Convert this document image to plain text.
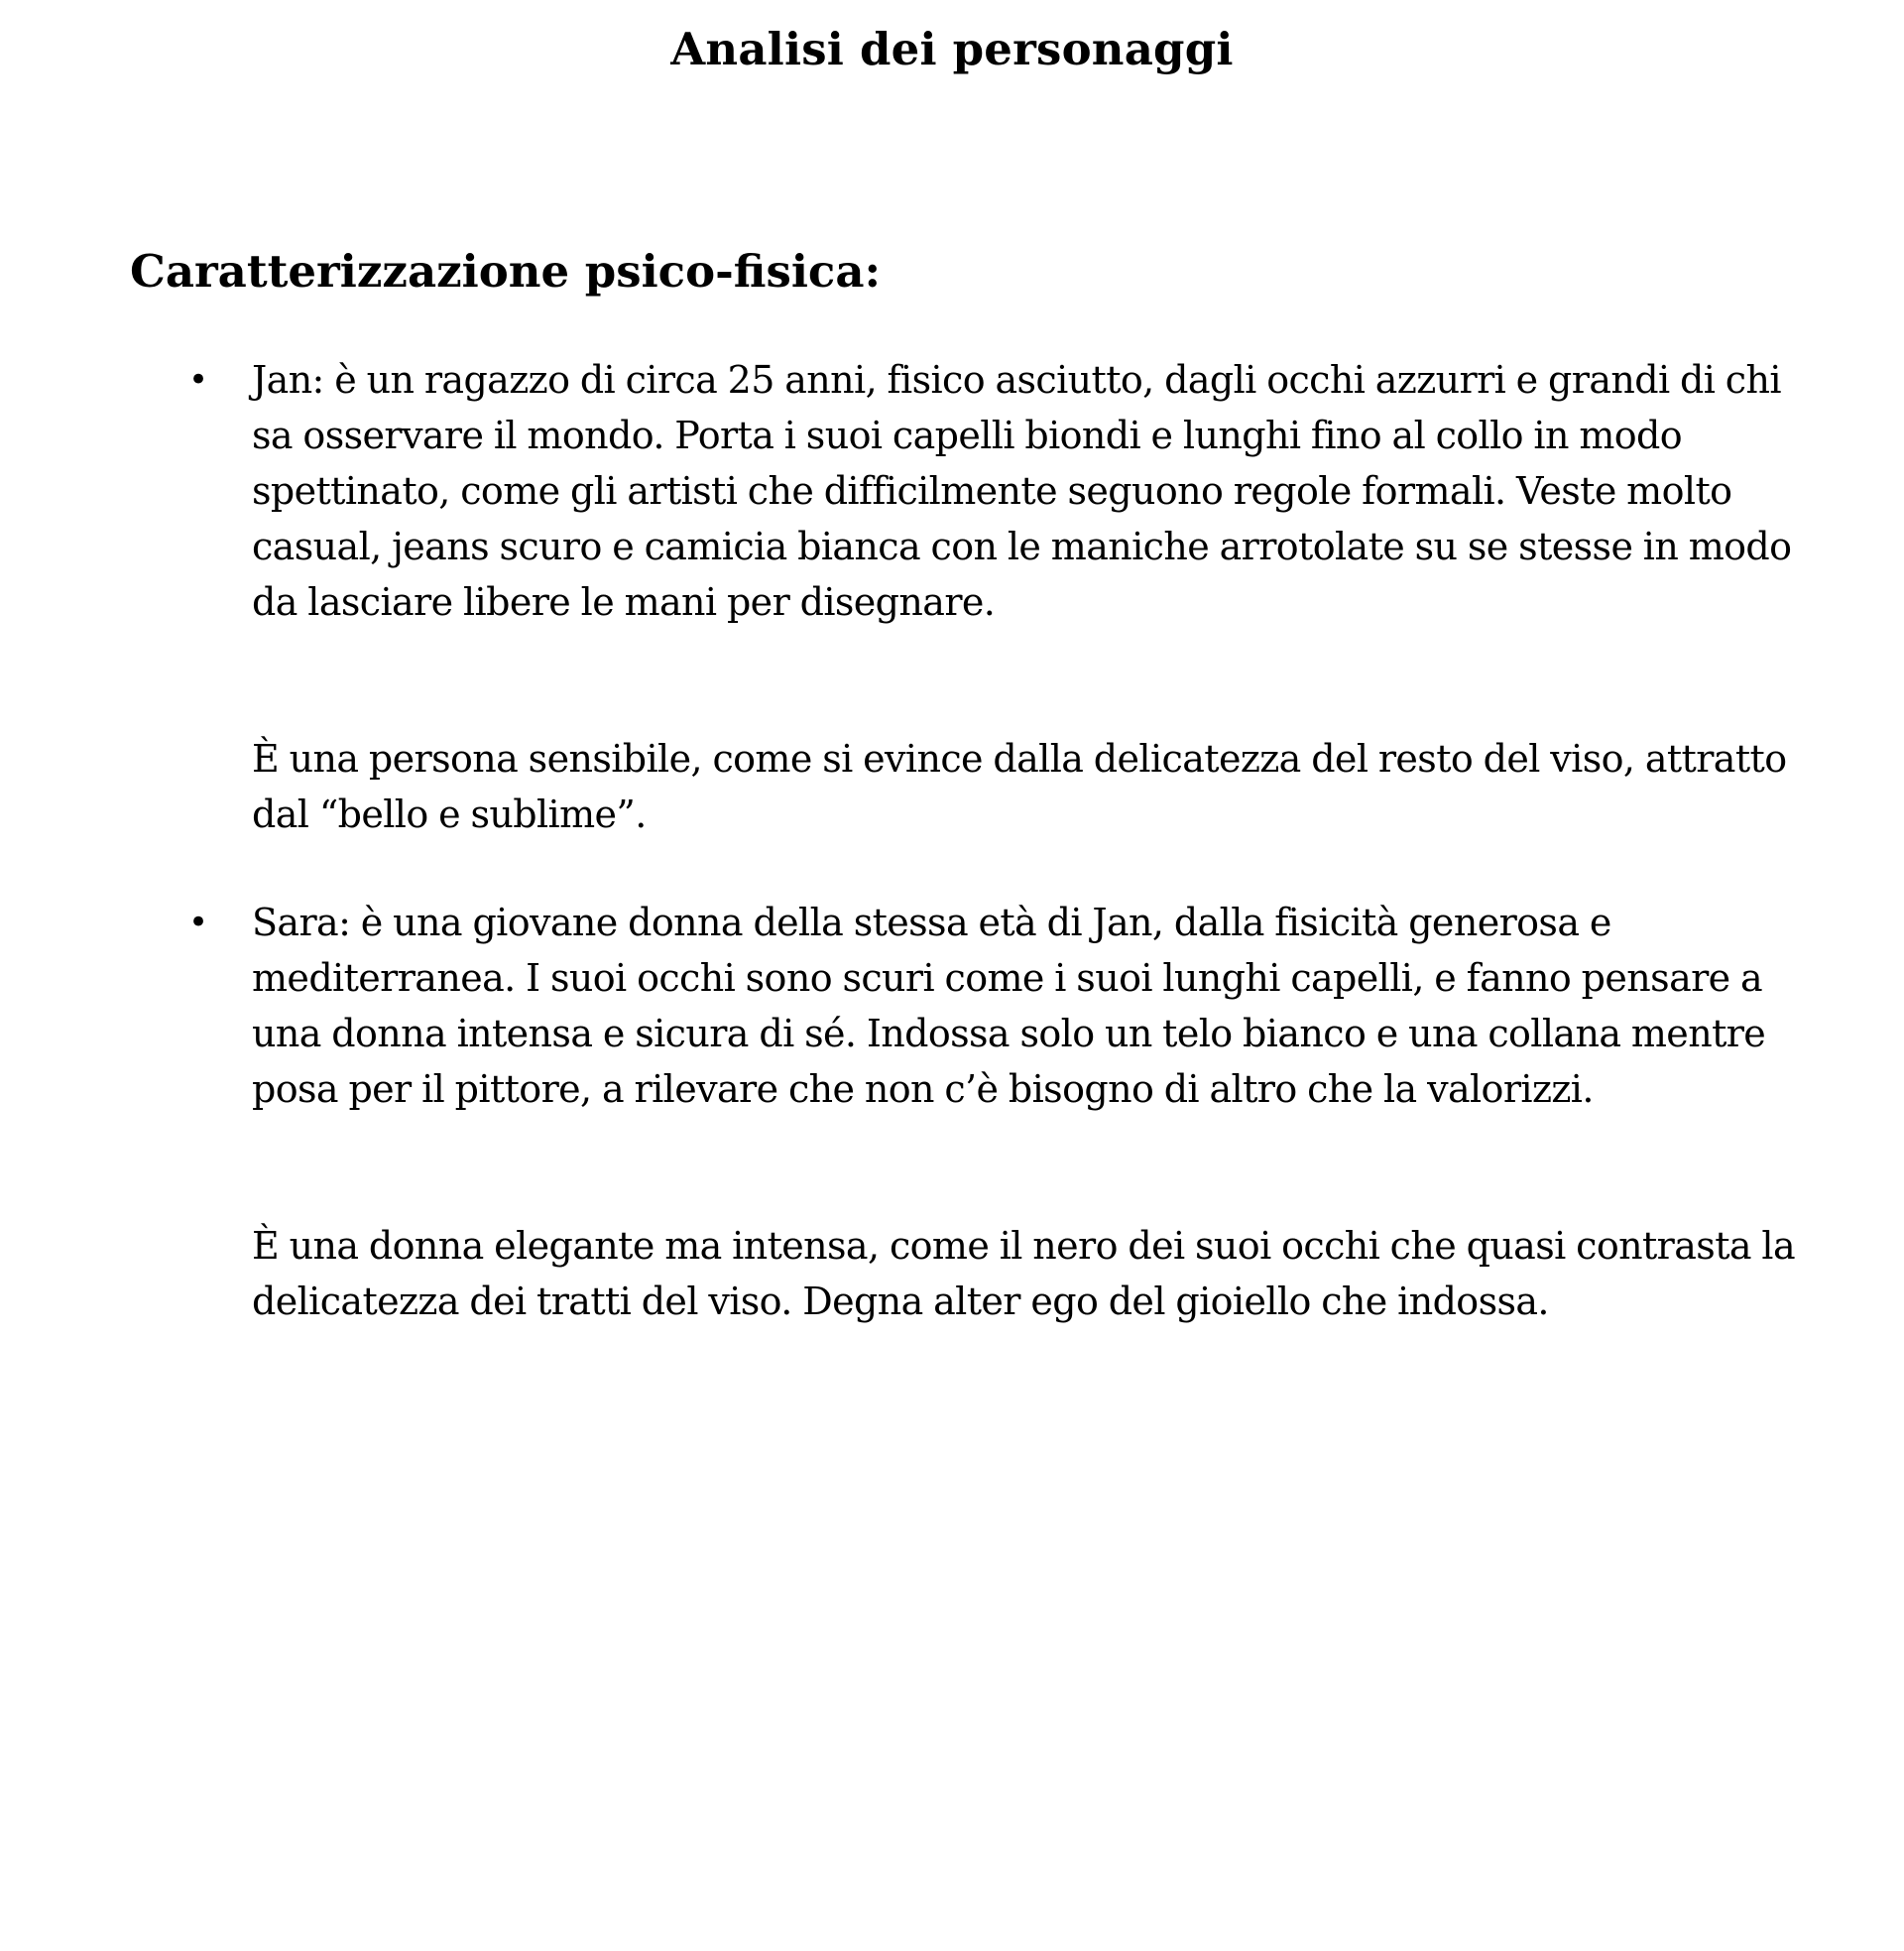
Analisi dei personaggi
Caratterizzazione psico-fisica:
• Jan: è un ragazzo di circa 25 anni, fisico asciutto, dagli occhi azzurri e grandi di chi sa osservare il mondo. Porta i suoi capelli biondi e lunghi fino al collo in modo spettinato, come gli artisti che difficilmente seguono regole formali. Veste molto casual, jeans scuro e camicia bianca con le maniche arrotolate su se stesse in modo da lasciare libere le mani per disegnare.

È una persona sensibile, come si evince dalla delicatezza del resto del viso, attratto dal “bello e sublime”.

• Sara: è una giovane donna della stessa età di Jan, dalla fisicità generosa e mediterranea. I suoi occhi sono scuri come i suoi lunghi capelli, e fanno pensare a una donna intensa e sicura di sé. Indossa solo un telo bianco e una collana mentre posa per il pittore, a rilevare che non c’è bisogno di altro che la valorizzi.

È una donna elegante ma intensa, come il nero dei suoi occhi che quasi contrasta la delicatezza dei tratti del viso. Degna alter ego del gioiello che indossa.
